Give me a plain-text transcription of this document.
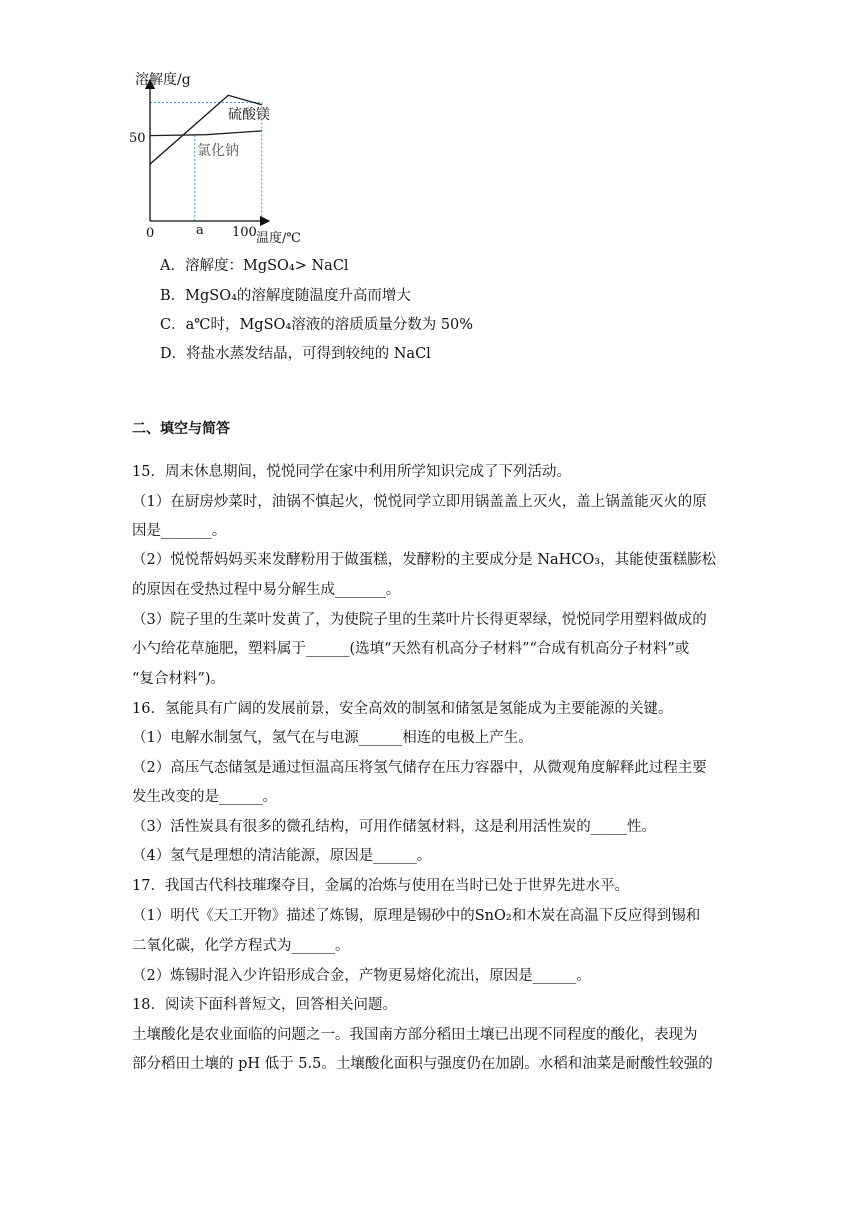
溶解度/g
温度/℃
0	a 100
50
硫酸镁
氯化钠
A．溶解度：MgSO₄> NaCl
B．MgSO₄的溶解度随温度升高而增大
C．a℃时，MgSO₄溶液的溶质质量分数为 50%
D．将盐水蒸发结晶，可得到较纯的 NaCl
二、填空与简答
15．周末休息期间，悦悦同学在家中利用所学知识完成了下列活动。
（1）在厨房炒菜时，油锅不慎起火，悦悦同学立即用锅盖盖上灭火，盖上锅盖能灭火的原
因是_______。
（2）悦悦帮妈妈买来发酵粉用于做蛋糕，发酵粉的主要成分是 NaHCO₃，其能使蛋糕膨松
的原因在受热过程中易分解生成_______。
（3）院子里的生菜叶发黄了，为使院子里的生菜叶片长得更翠绿，悦悦同学用塑料做成的
小勺给花草施肥，塑料属于______(选填“天然有机高分子材料”“合成有机高分子材料”或
“复合材料”)。
16．氢能具有广阔的发展前景，安全高效的制氢和储氢是氢能成为主要能源的关键。
（1）电解水制氢气，氢气在与电源______相连的电极上产生。
（2）高压气态储氢是通过恒温高压将氢气储存在压力容器中，从微观角度解释此过程主要
发生改变的是______。
（3）活性炭具有很多的微孔结构，可用作储氢材料，这是利用活性炭的_____性。
（4）氢气是理想的清洁能源，原因是______。
17．我国古代科技璀璨夺目，金属的冶炼与使用在当时已处于世界先进水平。
（1）明代《天工开物》描述了炼锡，原理是锡砂中的SnO₂和木炭在高温下反应得到锡和
二氧化碳，化学方程式为______。
（2）炼锡时混入少许铅形成合金，产物更易熔化流出，原因是______。
18．阅读下面科普短文，回答相关问题。
土壤酸化是农业面临的问题之一。我国南方部分稻田土壤已出现不同程度的酸化，表现为
部分稻田土壤的 pH 低于 5.5。土壤酸化面积与强度仍在加剧。水稻和油菜是耐酸性较强的
